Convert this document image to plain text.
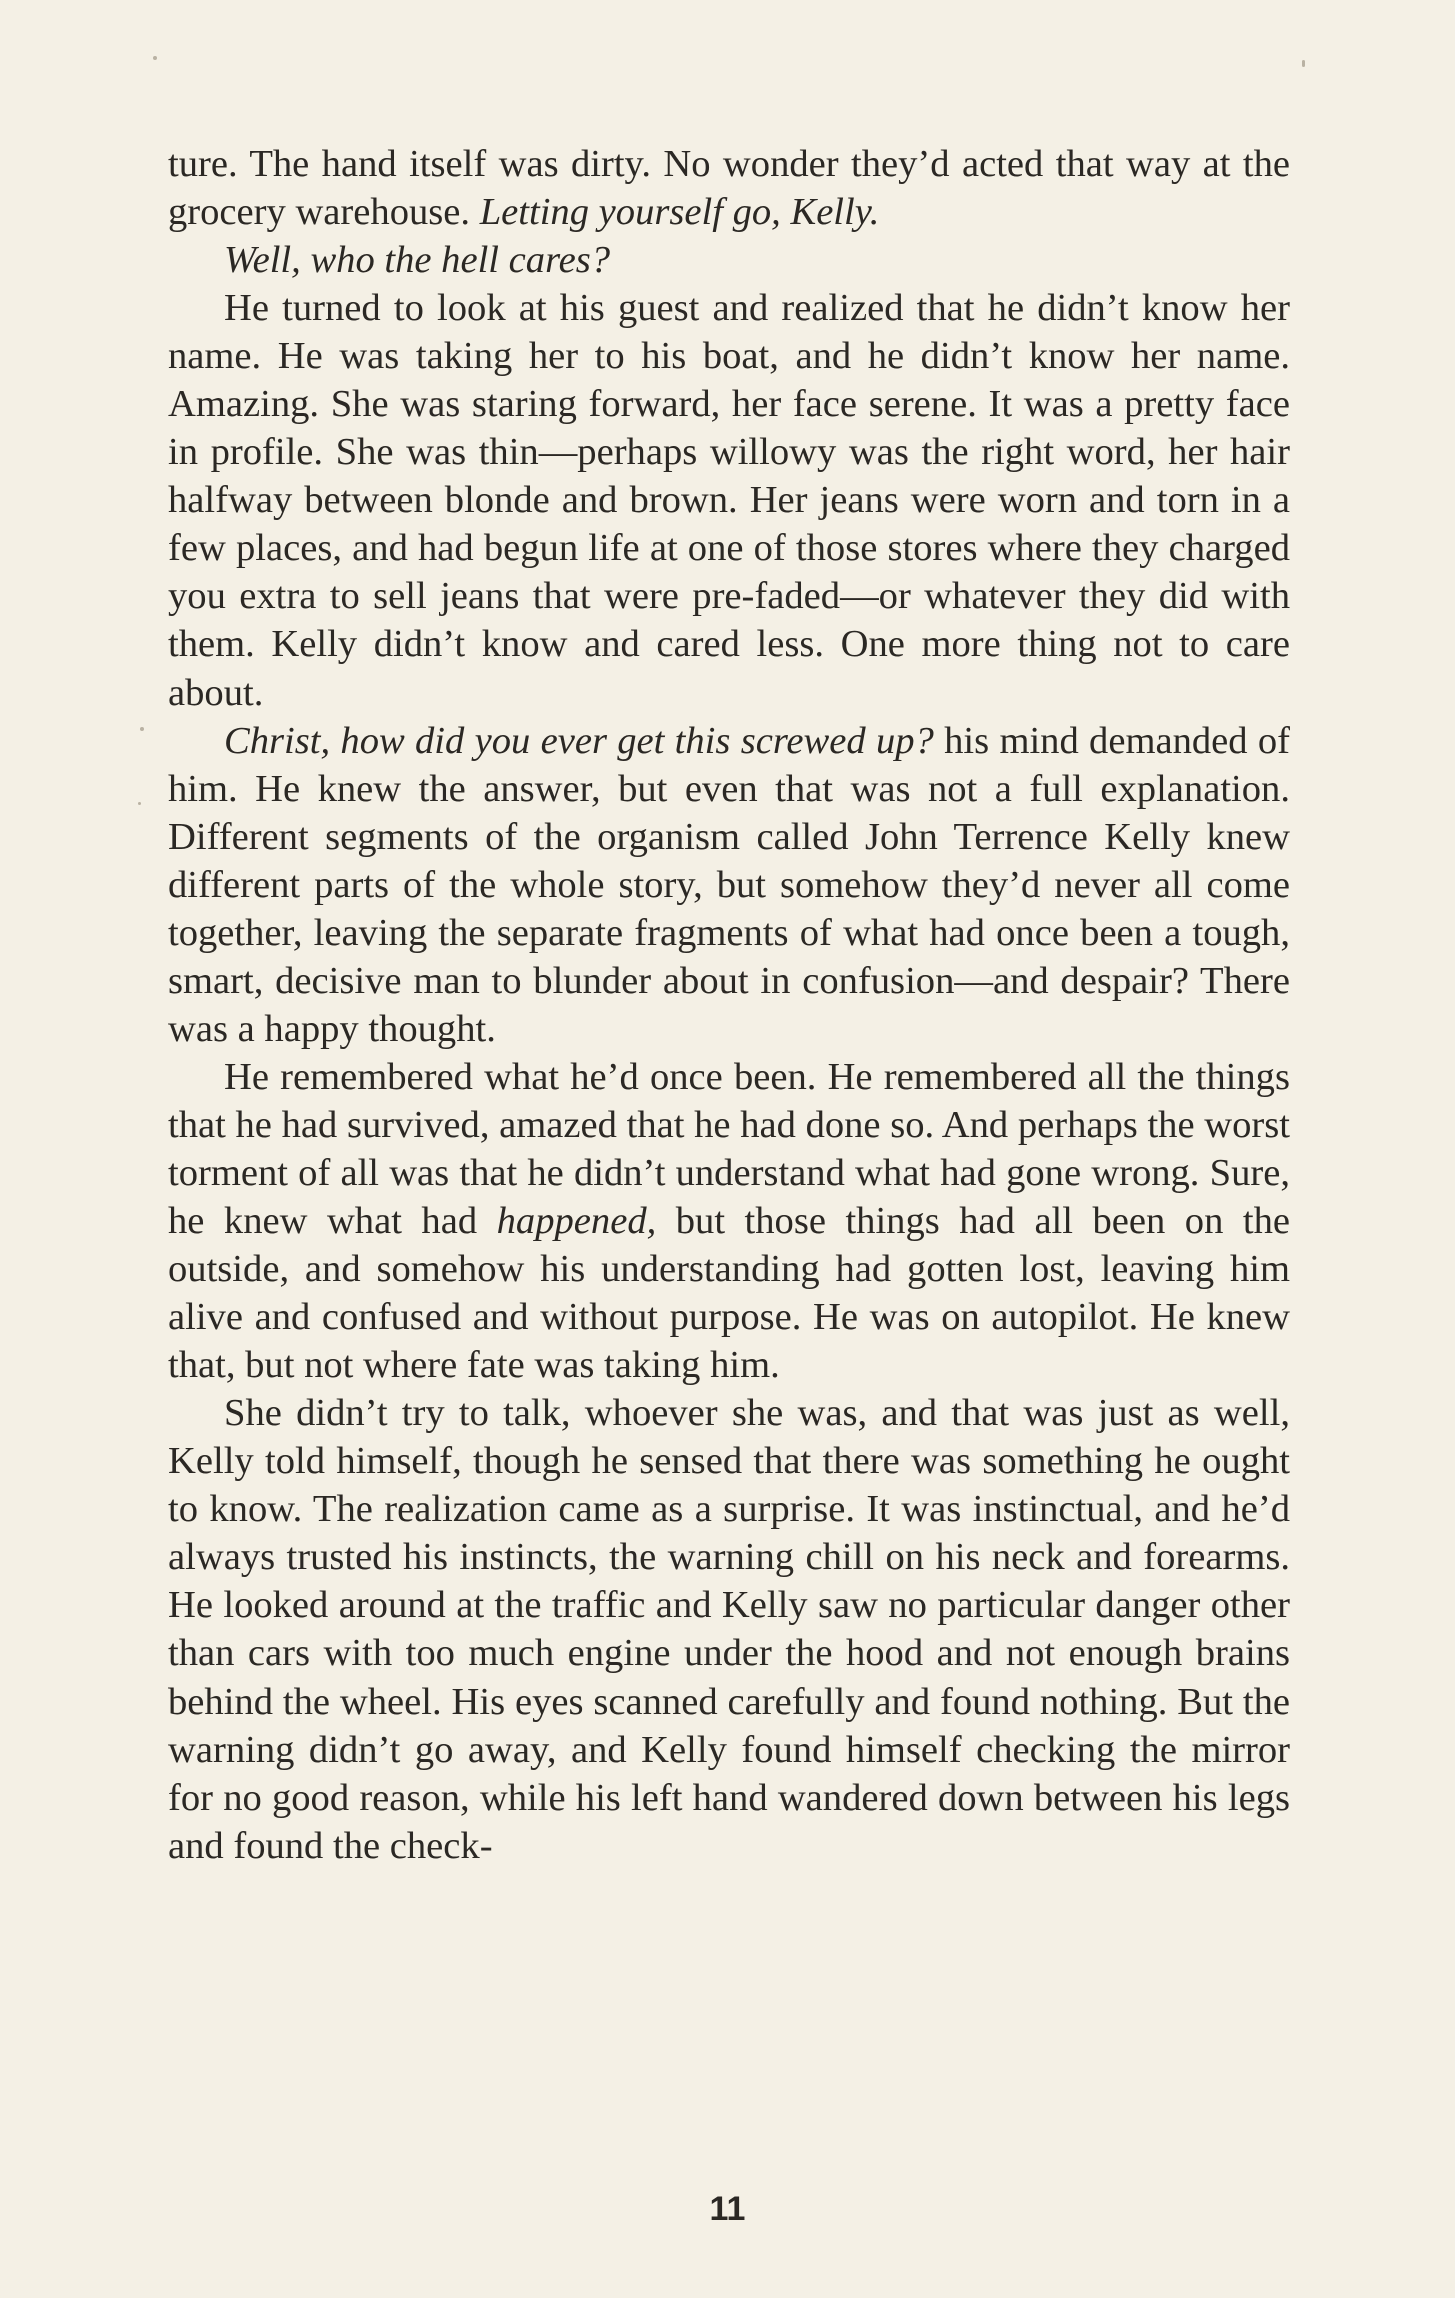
ture. The hand itself was dirty. No wonder they’d acted that way at the grocery warehouse. Letting yourself go, Kelly.

Well, who the hell cares?

He turned to look at his guest and realized that he didn’t know her name. He was taking her to his boat, and he didn’t know her name. Amazing. She was staring forward, her face serene. It was a pretty face in profile. She was thin—perhaps willowy was the right word, her hair halfway between blonde and brown. Her jeans were worn and torn in a few places, and had begun life at one of those stores where they charged you extra to sell jeans that were pre-faded—or whatever they did with them. Kelly didn’t know and cared less. One more thing not to care about.

Christ, how did you ever get this screwed up? his mind demanded of him. He knew the answer, but even that was not a full explanation. Different segments of the organism called John Terrence Kelly knew different parts of the whole story, but somehow they’d never all come together, leaving the separate fragments of what had once been a tough, smart, decisive man to blunder about in confusion—and despair? There was a happy thought.

He remembered what he’d once been. He remembered all the things that he had survived, amazed that he had done so. And perhaps the worst torment of all was that he didn’t understand what had gone wrong. Sure, he knew what had happened, but those things had all been on the outside, and somehow his understanding had gotten lost, leaving him alive and confused and without purpose. He was on autopilot. He knew that, but not where fate was taking him.

She didn’t try to talk, whoever she was, and that was just as well, Kelly told himself, though he sensed that there was something he ought to know. The realization came as a surprise. It was instinctual, and he’d always trusted his instincts, the warning chill on his neck and forearms. He looked around at the traffic and Kelly saw no particular danger other than cars with too much engine under the hood and not enough brains behind the wheel. His eyes scanned carefully and found nothing. But the warning didn’t go away, and Kelly found himself checking the mirror for no good reason, while his left hand wandered down between his legs and found the check-

11
